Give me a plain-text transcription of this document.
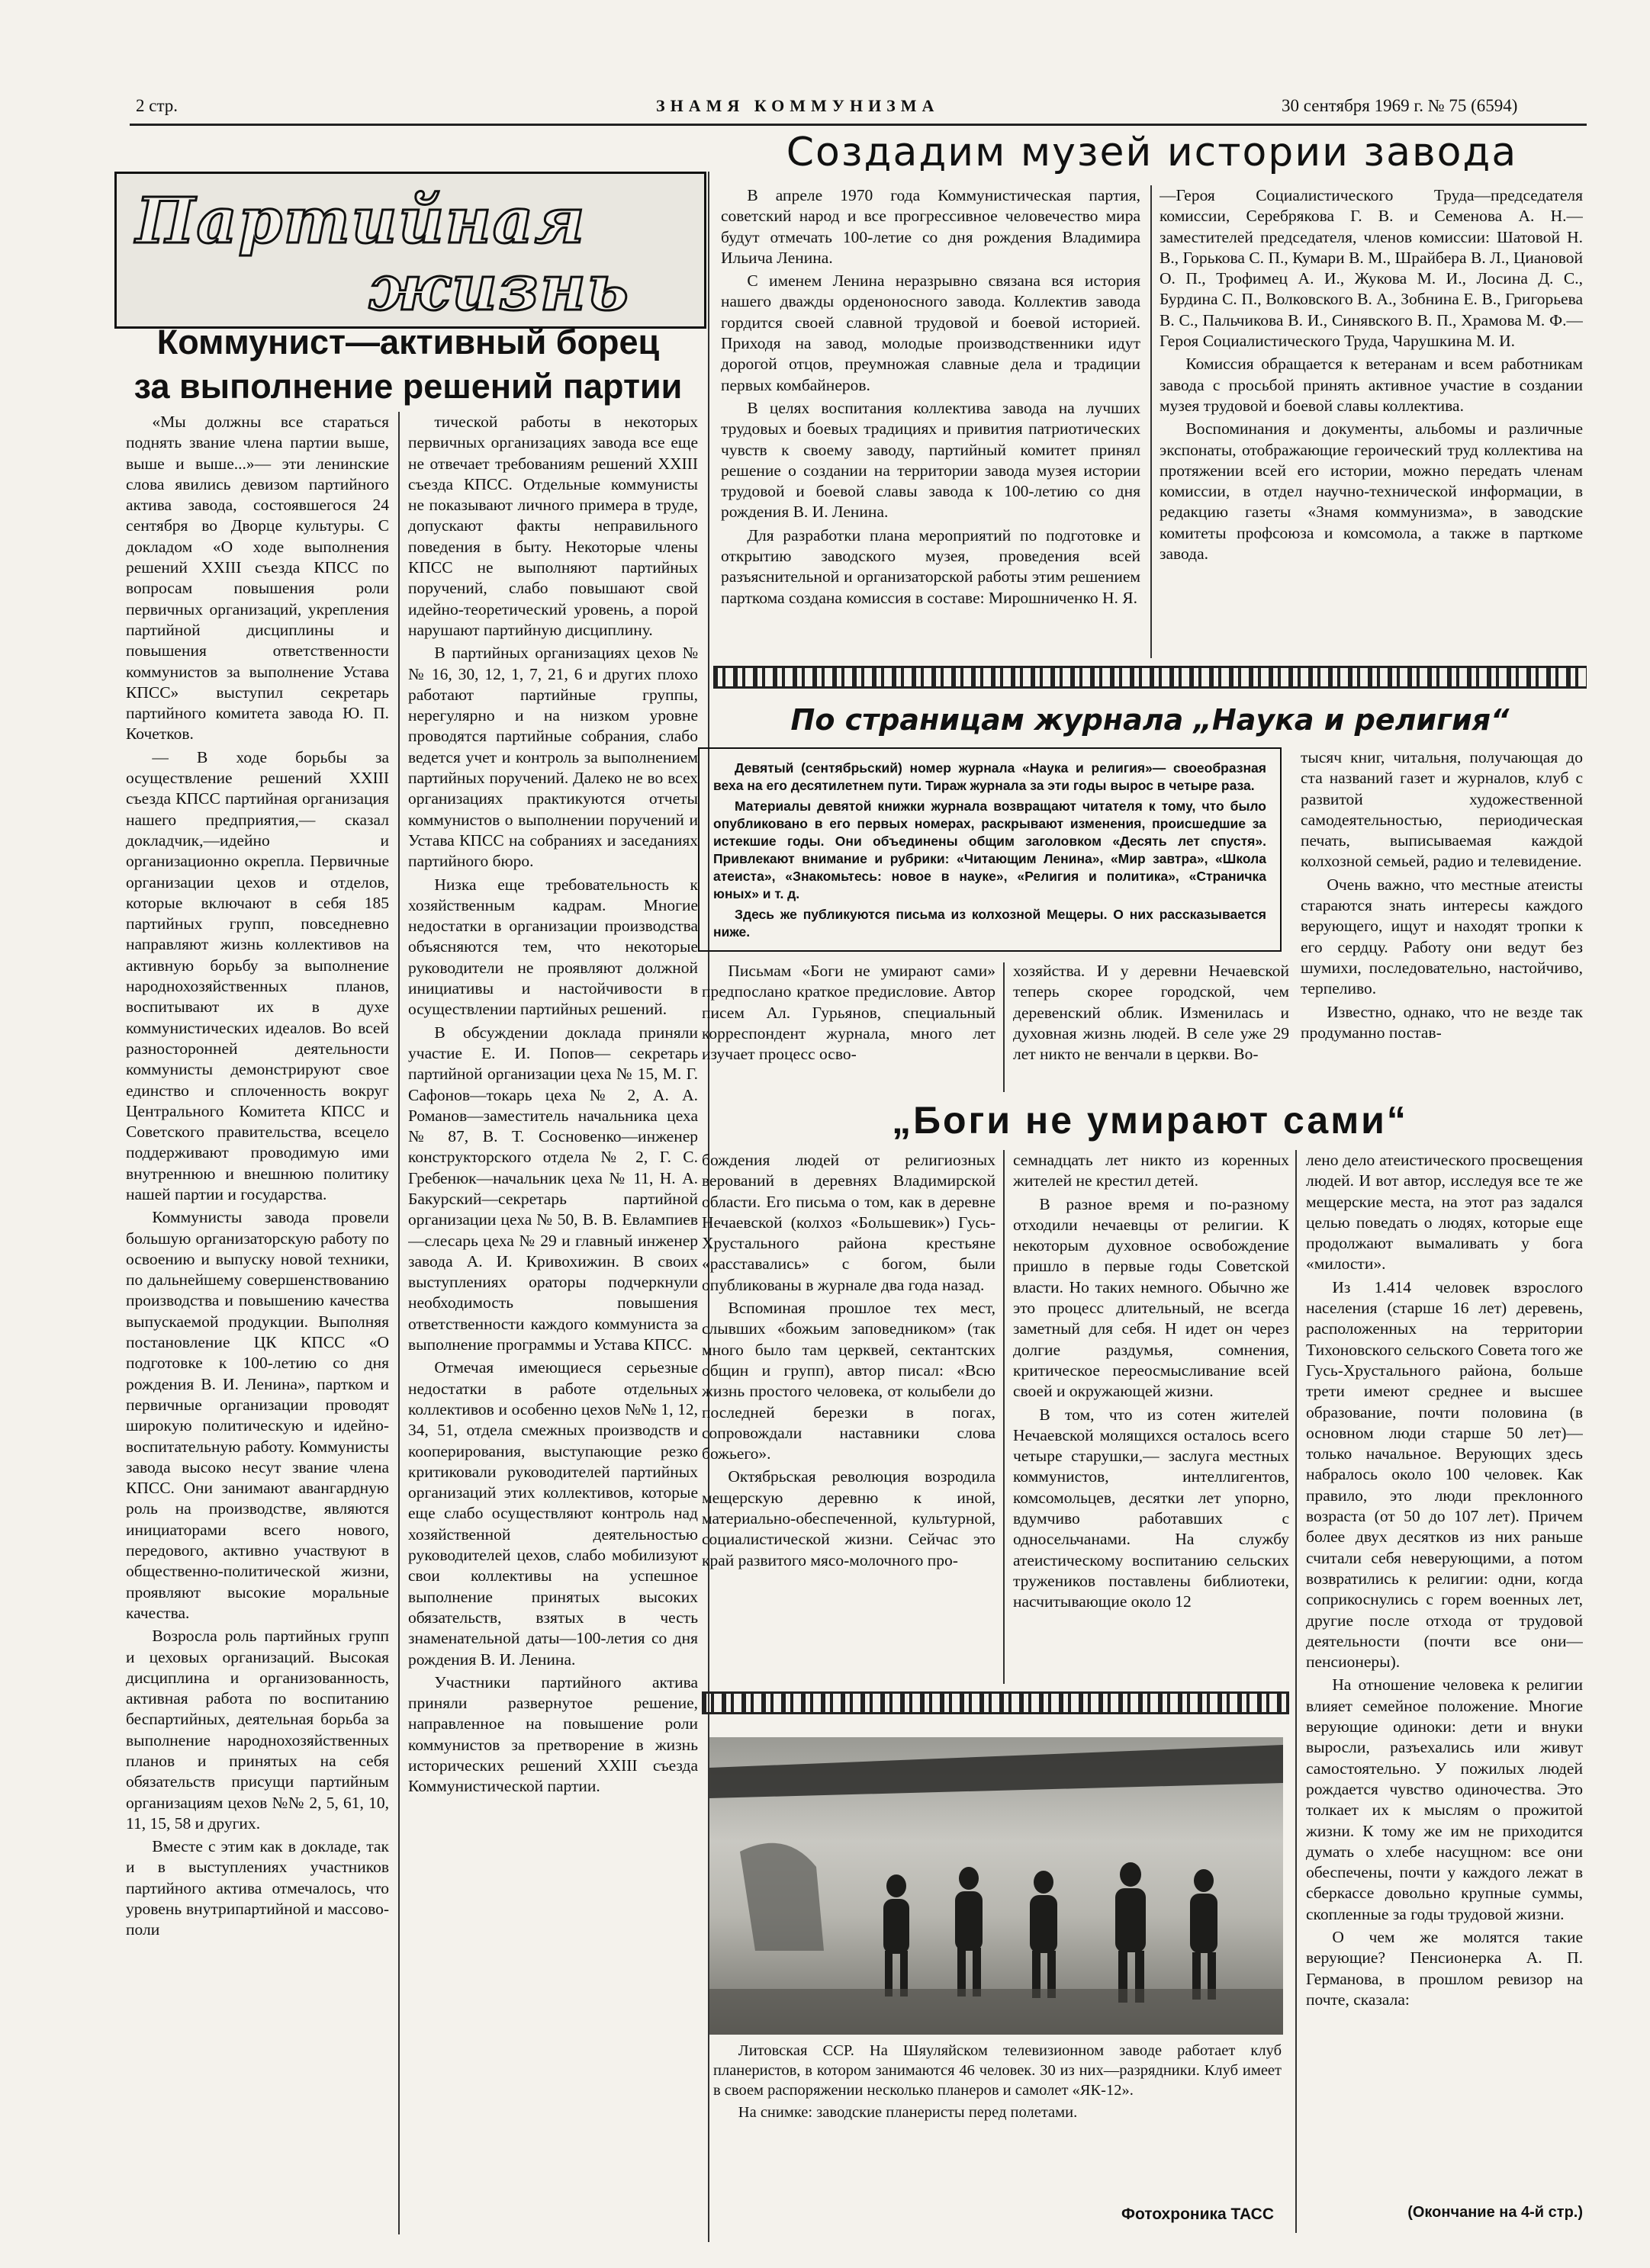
2 стр.	ЗНАМЯ КОММУНИЗМА	30 сентября 1969 г. № 75 (6594)
Партийная
жизнь
Коммунист—активный борец
за выполнение решений партии

«Мы должны все стараться поднять звание члена партии выше, выше и выше...»— эти ленинские слова явились девизом партийного актива завода, состоявшегося 24 сентября во Дворце культуры. С докладом «О ходе выполнения решений XXIII съезда КПСС по вопросам повышения роли первичных организаций, укрепления партийной дисциплины и повышения ответственности коммунистов за выполнение Устава КПСС» выступил секретарь партийного комитета завода Ю. П. Кочетков.

— В ходе борьбы за осуществление решений XXIII съезда КПСС партийная организация нашего предприятия,— сказал докладчик,—идейно и организационно окрепла. Первичные организации цехов и отделов, которые включают в себя 185 партийных групп, повседневно направляют жизнь коллективов на активную борьбу за выполнение народнохозяйственных планов, воспитывают их в духе коммунистических идеалов. Во всей разносторонней деятельности коммунисты демонстрируют свое единство и сплоченность вокруг Центрального Комитета КПСС и Советского правительства, всецело поддерживают проводимую ими внутреннюю и внешнюю политику нашей партии и государства.

Коммунисты завода провели большую организаторскую работу по освоению и выпуску новой техники, по дальнейшему совершенствованию производства и повышению качества выпускаемой продукции. Выполняя постановление ЦК КПСС «О подготовке к 100-летию со дня рождения В. И. Ленина», партком и первичные организации проводят широкую политическую и идейно-воспитательную работу. Коммунисты завода высоко несут звание члена КПСС. Они занимают авангардную роль на производстве, являются инициаторами всего нового, передового, активно участвуют в общественно-политической жизни, проявляют высокие моральные качества.

Возросла роль партийных групп и цеховых организаций. Высокая дисциплина и организованность, активная работа по воспитанию беспартийных, деятельная борьба за выполнение народнохозяйственных планов и принятых на себя обязательств присущи партийным организациям цехов №№ 2, 5, 61, 10, 11, 15, 58 и других.

Вместе с этим как в докладе, так и в выступлениях участников партийного актива отмечалось, что уровень внутрипартийной и массово-поли

тической работы в некоторых первичных организациях завода все еще не отвечает требованиям решений XXIII съезда КПСС. Отдельные коммунисты не показывают личного примера в труде, допускают факты неправильного поведения в быту. Некоторые члены КПСС не выполняют партийных поручений, слабо повышают свой идейно-теоретический уровень, а порой нарушают партийную дисциплину.

В партийных организациях цехов №№ 16, 30, 12, 1, 7, 21, 6 и других плохо работают партийные группы, нерегулярно и на низком уровне проводятся партийные собрания, слабо ведется учет и контроль за выполнением партийных поручений. Далеко не во всех организациях практикуются отчеты коммунистов о выполнении поручений и Устава КПСС на собраниях и заседаниях партийного бюро.

Низка еще требовательность к хозяйственным кадрам. Многие недостатки в организации производства объясняются тем, что некоторые руководители не проявляют должной инициативы и настойчивости в осуществлении партийных решений.

В обсуждении доклада приняли участие Е. И. Попов— секретарь партийной организации цеха № 15, М. Г. Сафонов—токарь цеха № 2, А. А. Романов—заместитель начальника цеха № 87, В. Т. Сосновенко—инженер конструкторского отдела № 2, Г. С. Гребенюк—начальник цеха № 11, Н. А. Бакурский—секретарь партийной организации цеха № 50, В. В. Евлампиев—слесарь цеха № 29 и главный инженер завода А. И. Кривохижин. В своих выступлениях ораторы подчеркнули необходимость повышения ответственности каждого коммуниста за выполнение программы и Устава КПСС.

Отмечая имеющиеся серьезные недостатки в работе отдельных коллективов и особенно цехов №№ 1, 12, 34, 51, отдела смежных производств и кооперирования, выступающие резко критиковали руководителей партийных организаций этих коллективов, которые еще слабо осуществляют контроль над хозяйственной деятельностью руководителей цехов, слабо мобилизуют свои коллективы на успешное выполнение принятых высоких обязательств, взятых в честь знаменательной даты—100-летия со дня рождения В. И. Ленина.

Участники партийного актива приняли развернутое решение, направленное на повышение роли коммунистов за претворение в жизнь исторических решений XXIII съезда Коммунистической партии.

Создадим музей истории завода

В апреле 1970 года Коммунистическая партия, советский народ и все прогрессивное человечество мира будут отмечать 100-летие со дня рождения Владимира Ильича Ленина.

С именем Ленина неразрывно связана вся история нашего дважды орденоносного завода. Коллектив завода гордится своей славной трудовой и боевой историей. Приходя на завод, молодые производственники идут дорогой отцов, преумножая славные дела и традиции первых комбайнеров.

В целях воспитания коллектива завода на лучших трудовых и боевых традициях и привития патриотических чувств к своему заводу, партийный комитет принял решение о создании на территории завода музея истории трудовой и боевой славы завода к 100-летию со дня рождения В. И. Ленина.

Для разработки плана мероприятий по подготовке и открытию заводского музея, проведения всей разъяснительной и организаторской работы этим решением парткома создана комиссия в составе: Мирошниченко Н. Я.

—Героя Социалистического Труда—председателя комиссии, Серебрякова Г. В. и Семенова А. Н.—заместителей председателя, членов комиссии: Шатовой Н. В., Горькова С. П., Кумари В. М., Шрайбера В. Л., Циановой О. П., Трофимец А. И., Жукова М. И., Лосина Д. С., Бурдина С. П., Волковского В. А., Зобнина Е. В., Григорьева В. С., Пальчикова В. И., Синявского В. П., Храмова М. Ф.—Героя Социалистического Труда, Чарушкина М. И.

Комиссия обращается к ветеранам и всем работникам завода с просьбой принять активное участие в создании музея трудовой и боевой славы коллектива.

Воспоминания и документы, альбомы и различные экспонаты, отображающие героический труд коллектива на протяжении всей его истории, можно передать членам комиссии, в отдел научно-технической информации, в редакцию газеты «Знамя коммунизма», в заводские комитеты профсоюза и комсомола, а также в парткоме завода.

По страницам журнала „Наука и религия“

Девятый (сентябрьский) номер журнала «Наука и религия»— своеобразная веха на его десятилетнем пути. Тираж журнала за эти годы вырос в четыре раза.

Материалы девятой книжки журнала возвращают читателя к тому, что было опубликовано в его первых номерах, раскрывают изменения, происшедшие за истекшие годы. Они объединены общим заголовком «Десять лет спустя». Привлекают внимание и рубрики: «Читающим Ленина», «Мир завтра», «Школа атеиста», «Знакомьтесь: новое в науке», «Религия и политика», «Страничка юных» и т. д.

Здесь же публикуются письма из колхозной Мещеры. О них рассказывается ниже.

тысяч книг, читальня, получающая до ста названий газет и журналов, клуб с развитой художественной самодеятельностью, периодическая печать, выписываемая каждой колхозной семьей, радио и телевидение.

Очень важно, что местные атеисты стараются знать интересы каждого верующего, ищут и находят тропки к его сердцу. Работу они ведут без шумихи, последовательно, настойчиво, терпеливо.

Известно, однако, что не везде так продуманно постав-

Письмам «Боги не умирают сами» предпослано краткое предисловие. Автор писем Ал. Гурьянов, специальный корреспондент журнала, много лет изучает процесс осво-

хозяйства. И у деревни Нечаевской теперь скорее городской, чем деревенский облик. Изменилась и духовная жизнь людей. В селе уже 29 лет никто не венчали в церкви. Во-

„Боги не умирают сами“

бождения людей от религиозных верований в деревнях Владимирской области. Его письма о том, как в деревне Нечаевской (колхоз «Большевик») Гусь-Хрустального района крестьяне «расставались» с богом, были опубликованы в журнале два года назад.

Вспоминая прошлое тех мест, слывших «божьим заповедником» (так много было там церквей, сектантских общин и групп), автор писал: «Всю жизнь простого человека, от колыбели до последней березки в погах, сопровождали наставники слова божьего».

Октябрьская революция возродила мещерскую деревню к иной, материально-обеспеченной, культурной, социалистической жизни. Сейчас это край развитого мясо-молочного про-

семнадцать лет никто из коренных жителей не крестил детей.

В разное время и по-разному отходили нечаевцы от религии. К некоторым духовное освобождение пришло в первые годы Советской власти. Но таких немного. Обычно же это процесс длительный, не всегда заметный для себя. Н идет он через долгие раздумья, сомнения, критическое переосмысливание всей своей и окружающей жизни.

В том, что из сотен жителей Нечаевской молящихся осталось всего четыре старушки,— заслуга местных коммунистов, интеллигентов, комсомольцев, десятки лет упорно, вдумчиво работавших с односельчанами. На службу атеистическому воспитанию сельских тружеников поставлены библиотеки, насчитывающие около 12

лено дело атеистического просвещения людей. И вот автор, исследуя все те же мещерские места, на этот раз задался целью поведать о людях, которые еще продолжают вымаливать у бога «милости».

Из 1.414 человек взрослого населения (старше 16 лет) деревень, расположенных на территории Тихоновского сельского Совета того же Гусь-Хрустального района, больше трети имеют среднее и высшее образование, почти половина (в основном люди старше 50 лет)—только начальное. Верующих здесь набралось около 100 человек. Как правило, это люди преклонного возраста (от 50 до 107 лет). Причем более двух десятков из них раньше считали себя неверующими, а потом возвратились к религии: одни, когда соприкоснулись с горем военных лет, другие после отхода от трудовой деятельности (почти все они—пенсионеры).

На отношение человека к религии влияет семейное положение. Многие верующие одиноки: дети и внуки выросли, разъехались или живут самостоятельно. У пожилых людей рождается чувство одиночества. Это толкает их к мыслям о прожитой жизни. К тому же им не приходится думать о хлебе насущном: все они обеспечены, почти у каждого лежат в сберкассе довольно крупные суммы, скопленные за годы трудовой жизни.

О чем же молятся такие верующие? Пенсионерка А. П. Германова, в прошлом ревизор на почте, сказала:

(Окончание на 4-й стр.)

Литовская ССР. На Шяуляйском телевизионном заводе работает клуб планеристов, в котором занимаются 46 человек. 30 из них—разрядники. Клуб имеет в своем распоряжении несколько планеров и самолет «ЯК-12».

На снимке: заводские планеристы перед полетами.

Фотохроника ТАСС
